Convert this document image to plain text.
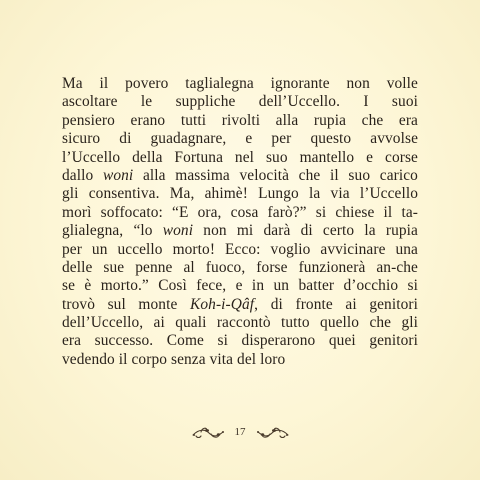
Ma il povero taglialegna ignorante non volle
ascoltare le suppliche dell’Uccello. I suoi
pensiero erano tutti rivolti alla rupia che era
sicuro di guadagnare, e per questo avvolse
l’Uccello della Fortuna nel suo mantello e corse
dallo woni alla massima velocità che il suo carico
gli consentiva. Ma, ahimè! Lungo la via l’Uccello
morì soffocato: “E ora, cosa farò?” si chiese il ta-
glialegna, “lo woni non mi darà di certo la rupia
per un uccello morto! Ecco: voglio avvicinare una
delle sue penne al fuoco, forse funzionerà an-che
se è morto.” Così fece, e in un batter d’occhio si
trovò sul monte Koh-i-Qâf, di fronte ai genitori
dell’Uccello, ai quali raccontò tutto quello che gli
era successo. Come si disperarono quei genitori
vedendo il corpo senza vita del loro
17
